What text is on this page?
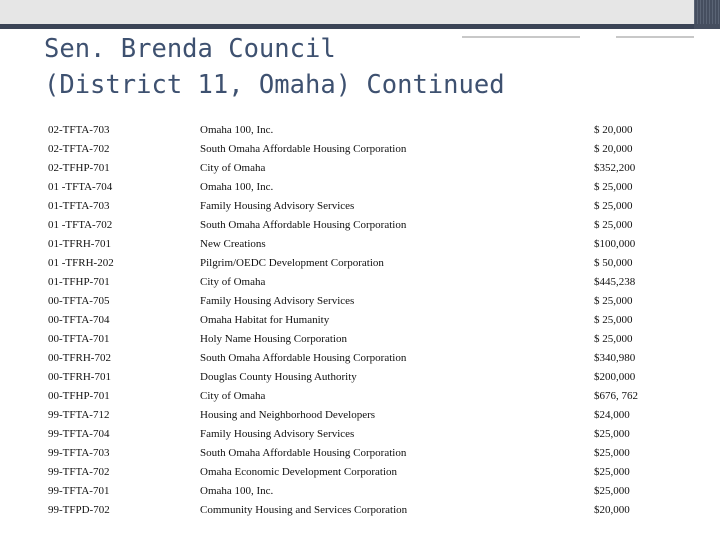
Sen. Brenda Council
(District 11, Omaha) Continued
02-TFTA-703	Omaha 100, Inc.	$ 20,000
02-TFTA-702	South Omaha Affordable Housing Corporation	$ 20,000
02-TFHP-701	City of Omaha	$352,200
01 -TFTA-704	Omaha 100, Inc.	$ 25,000
01-TFTA-703	Family Housing Advisory Services	$ 25,000
01 -TFTA-702	South Omaha Affordable Housing Corporation	$ 25,000
01-TFRH-701	New Creations	$100,000
01 -TFRH-202	Pilgrim/OEDC Development Corporation	$ 50,000
01-TFHP-701	City of Omaha	$445,238
00-TFTA-705	Family Housing Advisory Services	$ 25,000
00-TFTA-704	Omaha Habitat for Humanity	$ 25,000
00-TFTA-701	Holy Name Housing Corporation	$ 25,000
00-TFRH-702	South Omaha Affordable Housing Corporation	$340,980
00-TFRH-701	Douglas County Housing Authority	$200,000
00-TFHP-701	City of Omaha	$676, 762
99-TFTA-712	Housing and Neighborhood Developers	$24,000
99-TFTA-704	Family Housing Advisory Services	$25,000
99-TFTA-703	South Omaha Affordable Housing Corporation	$25,000
99-TFTA-702	Omaha Economic Development Corporation	$25,000
99-TFTA-701	Omaha 100, Inc.	$25,000
99-TFPD-702	Community Housing and Services Corporation	$20,000
